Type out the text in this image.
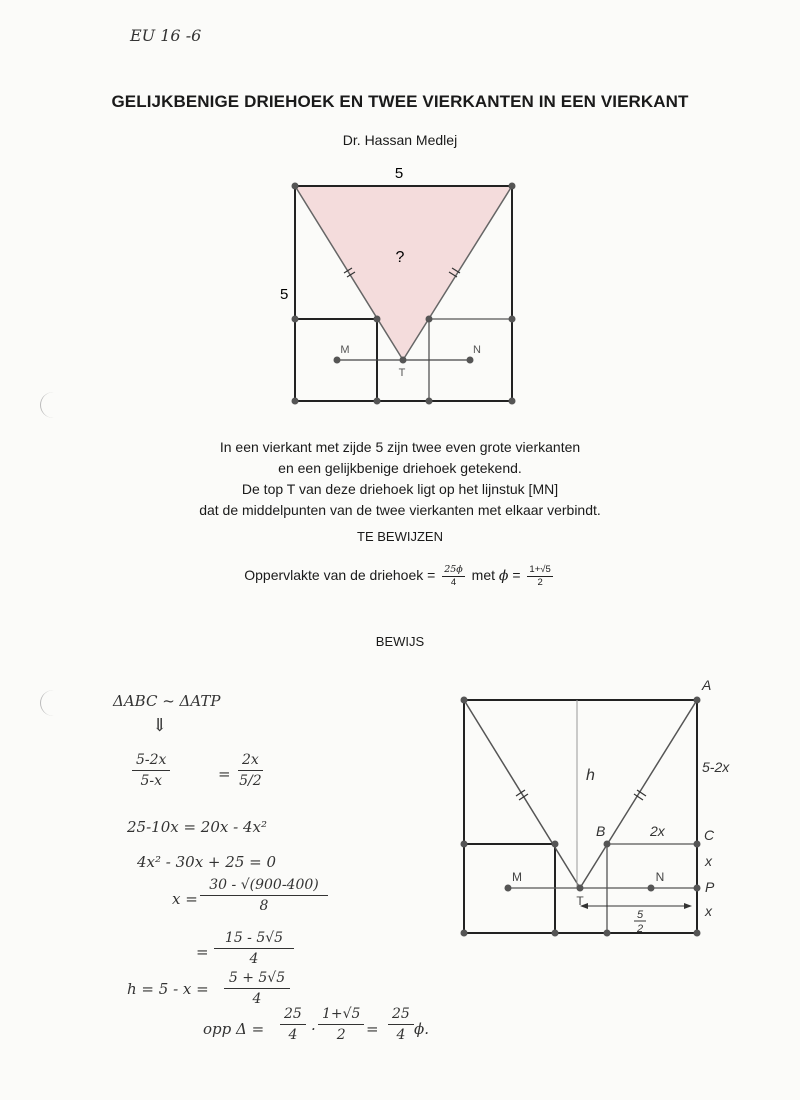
EU 16 -6
GELIJKBENIGE DRIEHOEK EN TWEE VIERKANTEN IN EEN VIERKANT
Dr. Hassan Medlej
5
5
?
M	N
T
In een vierkant met zijde 5 zijn twee even grote vierkanten
en een gelijkbenige driehoek getekend.
De top T van deze driehoek ligt op het lijnstuk [MN]
dat de middelpunten van de twee vierkanten met elkaar verbindt.
TE BEWIJZEN
Oppervlakte van de driehoek = $\frac{25\phi}{4}$ met $\phi = \frac{1+√5}{2}$
BEWIJS
ΔABC ~ ΔATP
⇓
$\frac{5-2x}{5-x}$	= $\frac{2x}{5/2}$
25-10x = 20x - 4x²
4x² - 30x + 25 = 0
$x = \frac{30 - √(900-400)}{8}$
= $\frac{15 - 5√5}{4}$
$h = 5 - x = \frac{5 + 5√5}{4}$
opp $\Delta = \frac{25}{4} \cdot \frac{1+√5}{2} = \frac{25}{4} \phi$.
A
h	5-2x
B	2x	C
x
P
x
5
2
M	N
T
